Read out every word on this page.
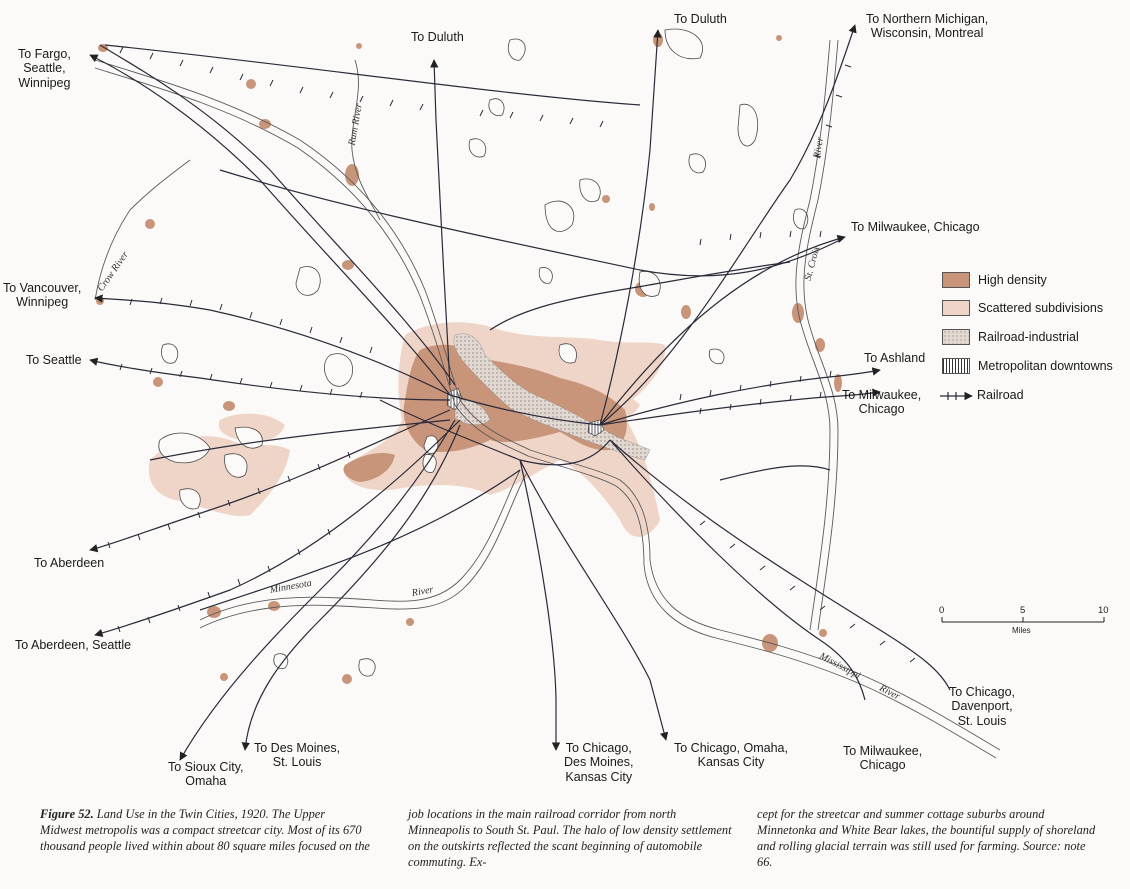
To Fargo,
Seattle,
Winnipeg
To Duluth
To Duluth	To Northern Michigan,
Wisconsin, Montreal
To Milwaukee, Chicago
To Vancouver,
Winnipeg
To Seattle	To Ashland
To Milwaukee,
Chicago
To Aberdeen
To Aberdeen, Seattle
To Sioux City,
Omaha
To Des Moines,
St. Louis
To Chicago,
Des Moines,
Kansas City
To Chicago, Omaha,
Kansas City
To Milwaukee,
Chicago
To Chicago,
Davenport,
St. Louis
Rum River
Crow River
River
St. Croix
Minnesota	River
Mississippi
River
High density
Scattered subdivisions
Railroad-industrial
Metropolitan downtowns
Railroad
0	5	10
Miles
Figure 52. Land Use in the Twin Cities, 1920. The Upper Midwest metropolis was a compact streetcar city. Most of its 670 thousand people lived within about 80 square miles focused on the
job locations in the main railroad corridor from north Minneapolis to South St. Paul. The halo of low density settlement on the outskirts reflected the scant beginning of automobile commuting. Ex-
cept for the streetcar and summer cottage suburbs around Minnetonka and White Bear lakes, the bountiful supply of shoreland and rolling glacial terrain was still used for farming. Source: note 66.
